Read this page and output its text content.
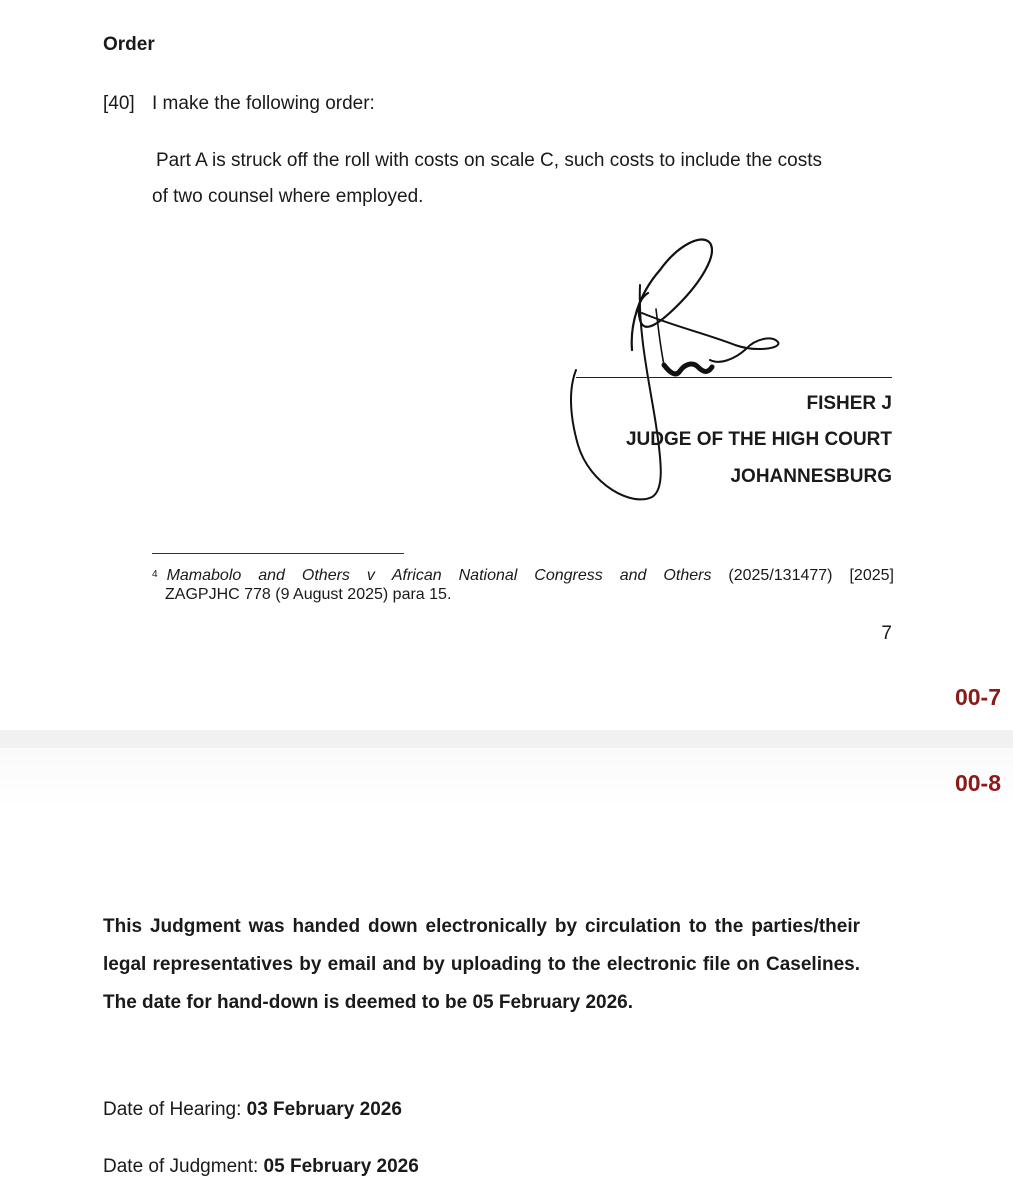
Order
[40] I make the following order:
Part A is struck off the roll with costs on scale C, such costs to include the costs
of two counsel where employed.
FISHER J
JUDGE OF THE HIGH COURT
JOHANNESBURG
$^4$ Mamabolo and Others v African National Congress and Others (2025/131477) [2025]
ZAGPJHC 778 (9 August 2025) para 15.
7
00-7
00-8
This Judgment was handed down electronically by circulation to the parties/their legal representatives by email and by uploading to the electronic file on Caselines. The date for hand-down is deemed to be 05 February 2026.
Date of Hearing: 03 February 2026
Date of Judgment: 05 February 2026
